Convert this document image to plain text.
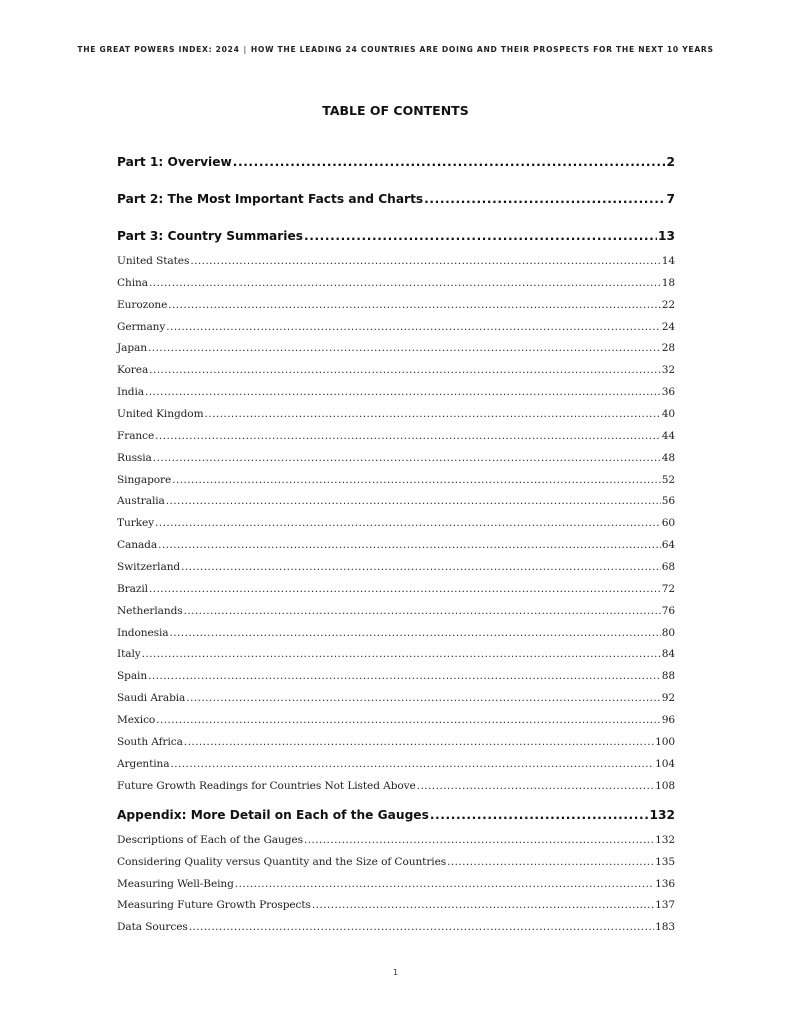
THE GREAT POWERS INDEX: 2024 | HOW THE LEADING 24 COUNTRIES ARE DOING AND THEIR PROSPECTS FOR THE NEXT 10 YEARS
TABLE OF CONTENTS
Part 1: Overview .....	2
Part 2: The Most Important Facts and Charts .....	7
Part 3: Country Summaries .....	13
United States .....	14
China .....	18
Eurozone .....	22
Germany .....	24
Japan .....	28
Korea .....	32
India .....	36
United Kingdom .....	40
France .....	44
Russia .....	48
Singapore .....	52
Australia .....	56
Turkey .....	60
Canada .....	64
Switzerland .....	68
Brazil .....	72
Netherlands .....	76
Indonesia .....	80
Italy .....	84
Spain .....	88
Saudi Arabia .....	92
Mexico .....	96
South Africa .....	100
Argentina .....	104
Future Growth Readings for Countries Not Listed Above .....	108
Appendix: More Detail on Each of the Gauges .....	132
Descriptions of Each of the Gauges .....	132
Considering Quality versus Quantity and the Size of Countries .....	135
Measuring Well-Being .....	136
Measuring Future Growth Prospects .....	137
Data Sources .....	183
1
